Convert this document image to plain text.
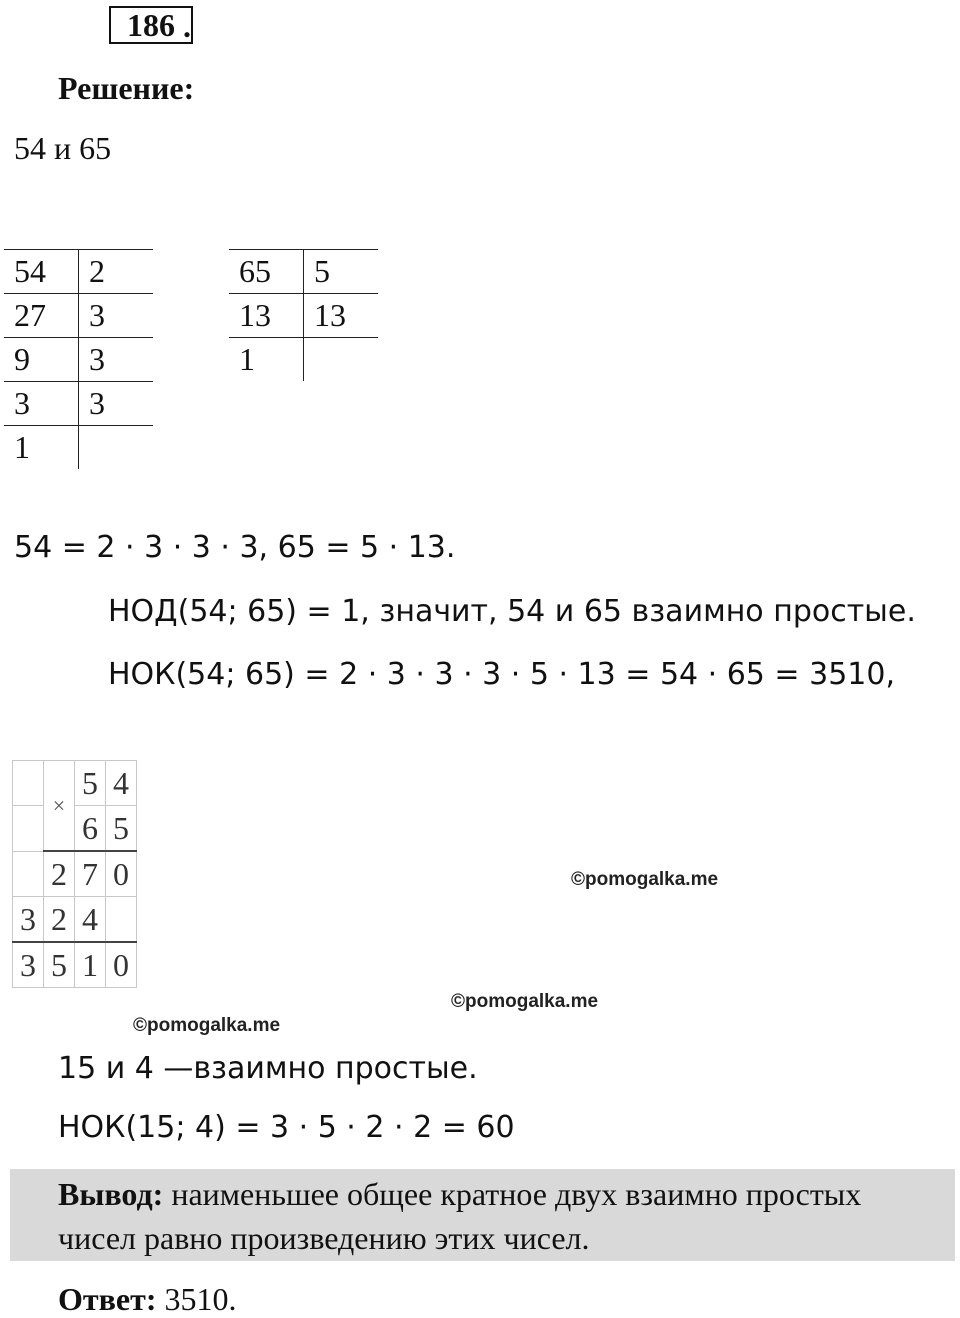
186 .
Решение:
54 и 65
54	2
27	3
9	3
3	3
1	
65	5
13	13
1	
54 = 2 · 3 · 3 · 3, 65 = 5 · 13.
НОД(54; 65) = 1, значит, 54 и 65 взаимно простые.
НОК(54; 65) = 2 · 3 · 3 · 3 · 5 · 13 = 54 · 65 = 3510,
	×	5	4
		6	5
	2	7	0
3	2	4	
3	5	1	0
©pomogalka.me
©pomogalka.me
©pomogalka.me
15 и 4 —взаимно простые.
НОК(15; 4) = 3 · 5 · 2 · 2 = 60
Вывод: наименьшее общее кратное двух взаимно простых чисел равно произведению этих чисел.
Ответ: 3510.
